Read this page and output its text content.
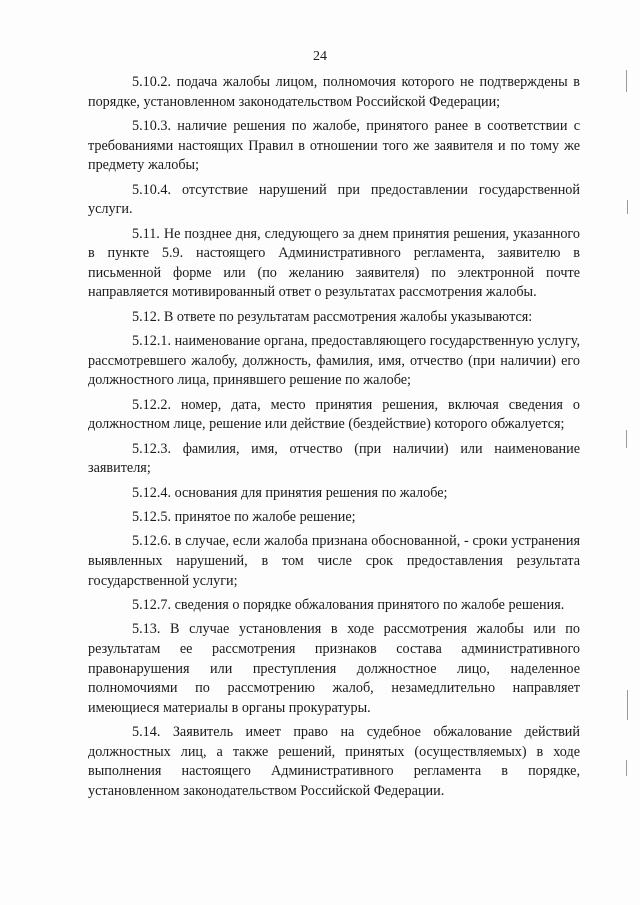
24

5.10.2. подача жалобы лицом, полномочия которого не подтверждены в порядке, установленном законодательством Российской Федерации;

5.10.3. наличие решения по жалобе, принятого ранее в соответствии с требованиями настоящих Правил в отношении того же заявителя и по тому же предмету жалобы;

5.10.4. отсутствие нарушений при предоставлении государственной услуги.

5.11. Не позднее дня, следующего за днем принятия решения, указанного в пункте 5.9. настоящего Административного регламента, заявителю в письменной форме или (по желанию заявителя) по электронной почте направляется мотивированный ответ о результатах рассмотрения жалобы.

5.12. В ответе по результатам рассмотрения жалобы указываются:

5.12.1. наименование органа, предоставляющего государственную услугу, рассмотревшего жалобу, должность, фамилия, имя, отчество (при наличии) его должностного лица, принявшего решение по жалобе;

5.12.2. номер, дата, место принятия решения, включая сведения о должностном лице, решение или действие (бездействие) которого обжалуется;

5.12.3. фамилия, имя, отчество (при наличии) или наименование заявителя;

5.12.4. основания для принятия решения по жалобе;

5.12.5. принятое по жалобе решение;

5.12.6. в случае, если жалоба признана обоснованной, - сроки устранения выявленных нарушений, в том числе срок предоставления результата государственной услуги;

5.12.7. сведения о порядке обжалования принятого по жалобе решения.

5.13. В случае установления в ходе рассмотрения жалобы или по результатам ее рассмотрения признаков состава административного правонарушения или преступления должностное лицо, наделенное полномочиями по рассмотрению жалоб, незамедлительно направляет имеющиеся материалы в органы прокуратуры.

5.14. Заявитель имеет право на судебное обжалование действий должностных лиц, а также решений, принятых (осуществляемых) в ходе выполнения настоящего Административного регламента в порядке, установленном законодательством Российской Федерации.
